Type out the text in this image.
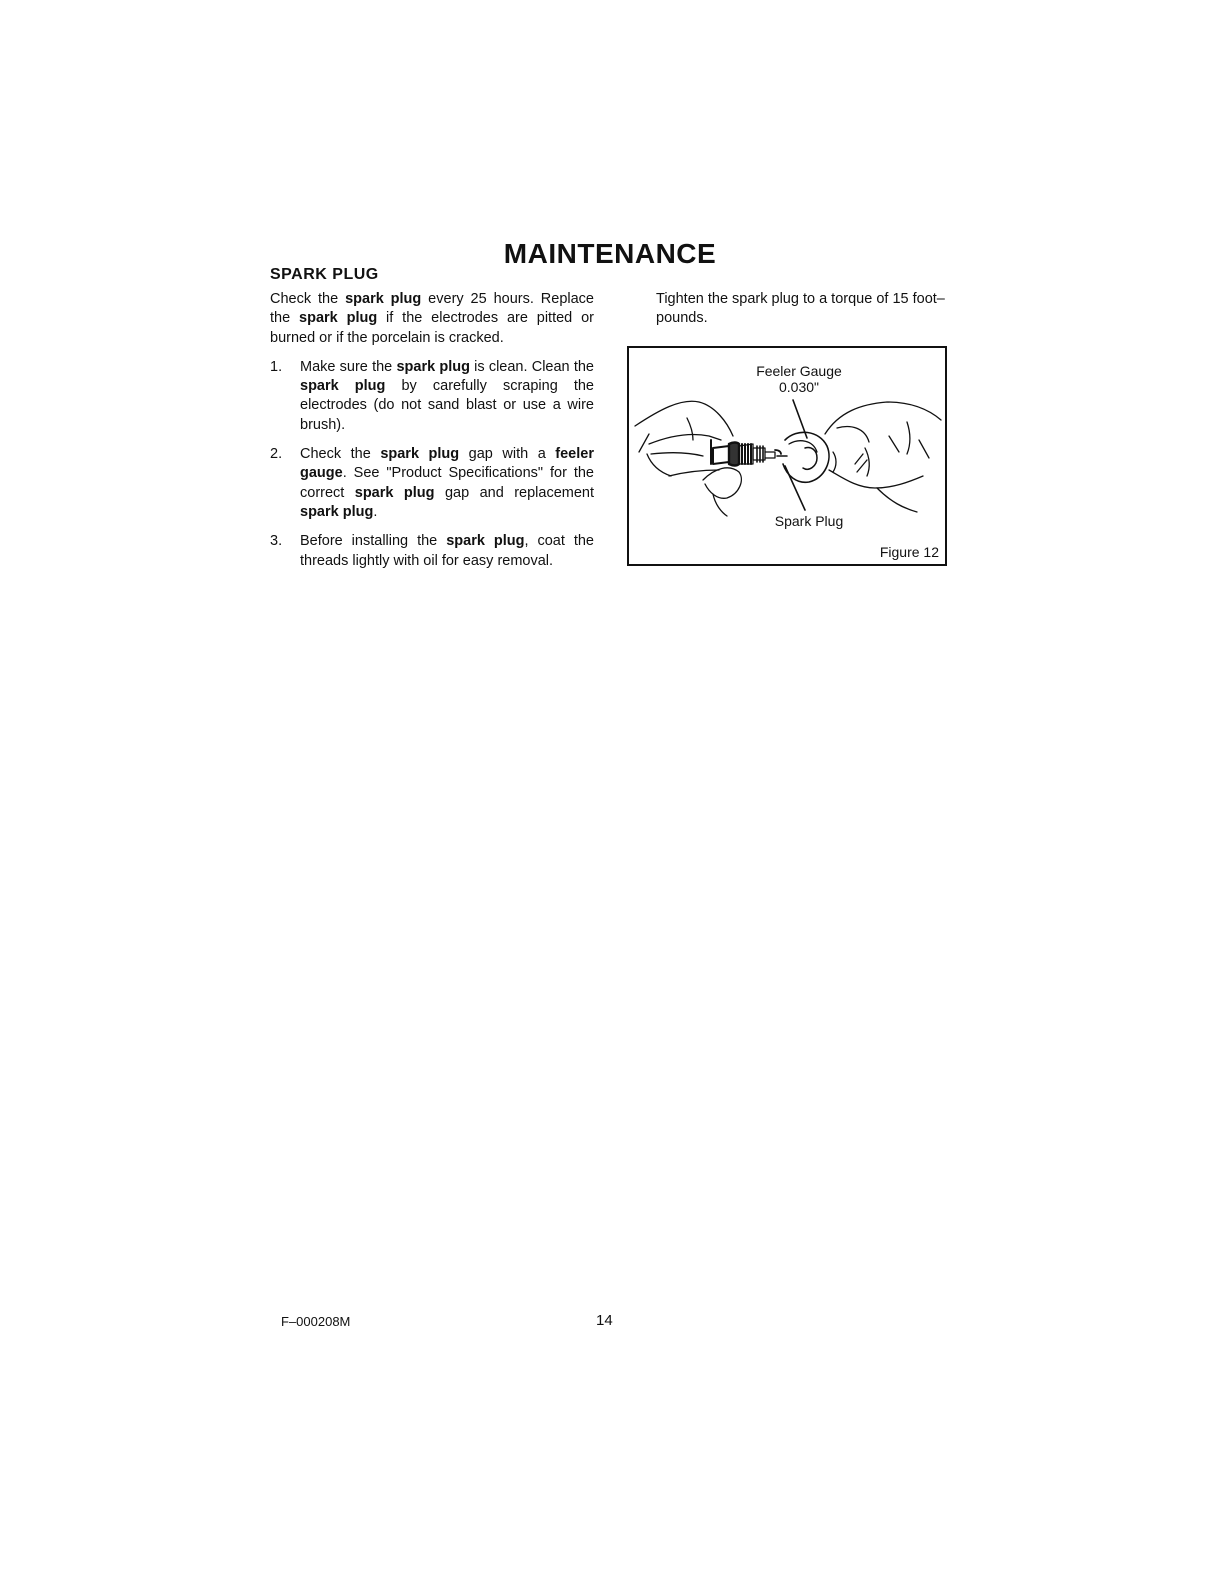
MAINTENANCE
SPARK PLUG

Check the spark plug every 25 hours. Replace the spark plug if the electrodes are pitted or burned or if the porcelain is cracked.

1. Make sure the spark plug is clean. Clean the spark plug by carefully scraping the electrodes (do not sand blast or use a wire brush).
2. Check the spark plug gap with a feeler gauge. See "Product Specifications" for the correct spark plug gap and replacement spark plug.
3. Before installing the spark plug, coat the threads lightly with oil for easy removal.

Tighten the spark plug to a torque of 15 foot–pounds.

Feeler Gauge
0.030"
Spark Plug
Figure 12
F–000208M	14
